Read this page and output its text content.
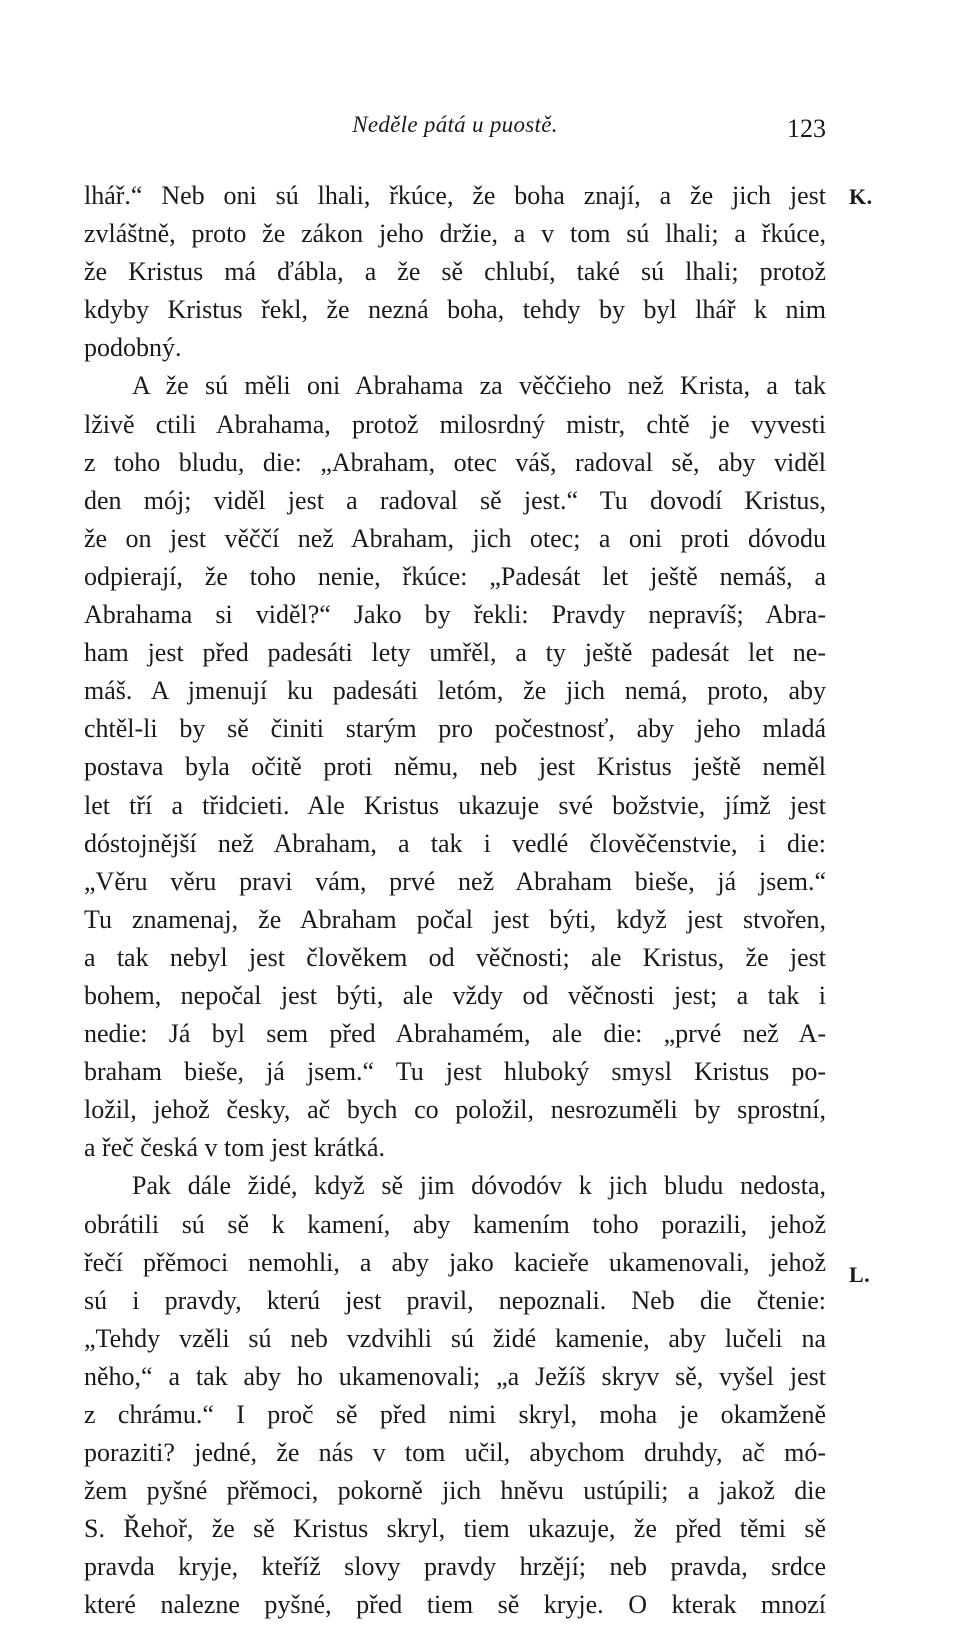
Neděle pátá u puostě.	123
K.
L.
lhář.“ Neb oni sú lhali, řkúce, že boha znají, a že jich jest
zvláštně, proto že zákon jeho držie, a v tom sú lhali; a řkúce,
že Kristus má ďábla, a že sě chlubí, také sú lhali; protož
kdyby Kristus řekl, že nezná boha, tehdy by byl lhář k nim
podobný.
A že sú měli oni Abrahama za věččieho než Krista, a tak
lživě ctili Abrahama, protož milosrdný mistr, chtě je vyvesti
z toho bludu, die: „Abraham, otec váš, radoval sě, aby viděl
den mój; viděl jest a radoval sě jest.“ Tu dovodí Kristus,
že on jest věččí než Abraham, jich otec; a oni proti dóvodu
odpierají, že toho nenie, řkúce: „Padesát let ještě nemáš, a
Abrahama si viděl?“ Jako by řekli: Pravdy nepravíš; Abra-
ham jest před padesáti lety umřěl, a ty ještě padesát let ne-
máš. A jmenují ku padesáti letóm, že jich nemá, proto, aby
chtěl-li by sě činiti starým pro počestnosť, aby jeho mladá
postava byla očitě proti němu, neb jest Kristus ještě neměl
let tří a třidcieti. Ale Kristus ukazuje své božstvie, jímž jest
dóstojnější než Abraham, a tak i vedlé člověčenstvie, i die:
„Věru věru pravi vám, prvé než Abraham bieše, já jsem.“
Tu znamenaj, že Abraham počal jest býti, když jest stvořen,
a tak nebyl jest člověkem od věčnosti; ale Kristus, že jest
bohem, nepočal jest býti, ale vždy od věčnosti jest; a tak i
nedie: Já byl sem před Abrahamém, ale die: „prvé než A-
braham bieše, já jsem.“ Tu jest hluboký smysl Kristus po-
ložil, jehož česky, ač bych co položil, nesrozuměli by sprostní,
a řeč česká v tom jest krátká.
Pak dále židé, když sě jim dóvodóv k jich bludu nedosta,
obrátili sú sě k kamení, aby kamením toho porazili, jehož
řečí přěmoci nemohli, a aby jako kacieře ukamenovali, jehož
sú i pravdy, kterú jest pravil, nepoznali. Neb die čtenie:
„Tehdy vzěli sú neb vzdvihli sú židé kamenie, aby lučeli na
něho,“ a tak aby ho ukamenovali; „a Ježíš skryv sě, vyšel jest
z chrámu.“ I proč sě před nimi skryl, moha je okamženě
poraziti? jedné, že nás v tom učil, abychom druhdy, ač mó-
žem pyšné přěmoci, pokorně jich hněvu ustúpili; a jakož die
S. Řehoř, že sě Kristus skryl, tiem ukazuje, že před těmi sě
pravda kryje, kteříž slovy pravdy hrzějí; neb pravda, srdce
které nalezne pyšné, před tiem sě kryje. O kterak mnozí
